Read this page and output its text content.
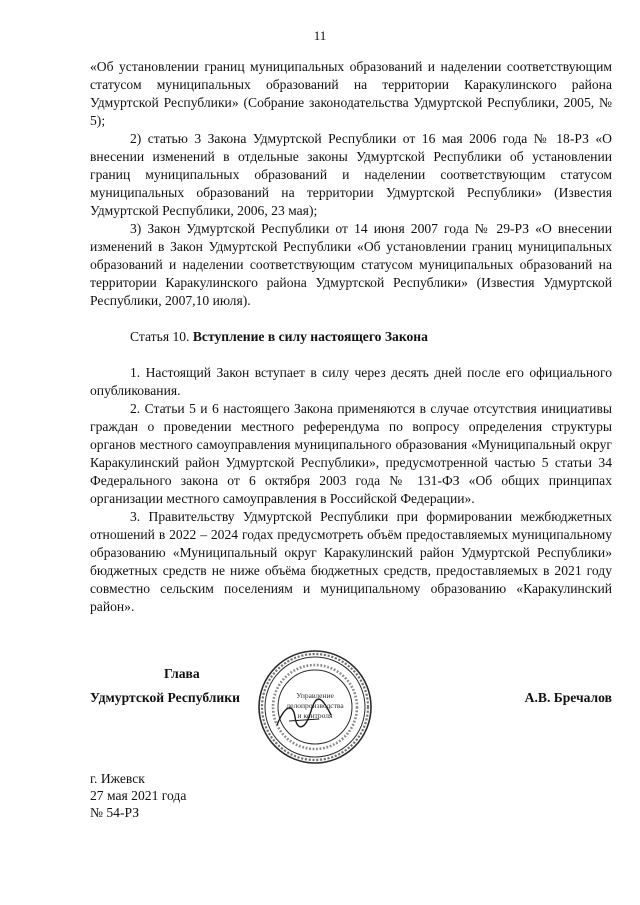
11

«Об установлении границ муниципальных образований и наделении соответствующим статусом муниципальных образований на территории Каракулинского района Удмуртской Республики» (Собрание законодательства Удмуртской Республики, 2005, № 5);

2) статью 3 Закона Удмуртской Республики от 16 мая 2006 года № 18-РЗ «О внесении изменений в отдельные законы Удмуртской Республики об установлении границ муниципальных образований и наделении соответствующим статусом муниципальных образований на территории Удмуртской Республики» (Известия Удмуртской Республики, 2006, 23 мая);

3) Закон Удмуртской Республики от 14 июня 2007 года № 29-РЗ «О внесении изменений в Закон Удмуртской Республики «Об установлении границ муниципальных образований и наделении соответствующим статусом муниципальных образований на территории Каракулинского района Удмуртской Республики» (Известия Удмуртской Республики, 2007,10 июля).

Статья 10. Вступление в силу настоящего Закона

1. Настоящий Закон вступает в силу через десять дней после его официального опубликования.

2. Статьи 5 и 6 настоящего Закона применяются в случае отсутствия инициативы граждан о проведении местного референдума по вопросу определения структуры органов местного самоуправления муниципального образования «Муниципальный округ Каракулинский район Удмуртской Республики», предусмотренной частью 5 статьи 34 Федерального закона от 6 октября 2003 года № 131-ФЗ «Об общих принципах организации местного самоуправления в Российской Федерации».

3. Правительству Удмуртской Республики при формировании межбюджетных отношений в 2022 – 2024 годах предусмотреть объём предоставляемых муниципальному образованию «Муниципальный округ Каракулинский район Удмуртской Республики» бюджетных средств не ниже объёма бюджетных средств, предоставляемых в 2021 году совместно сельским поселениям и муниципальному образованию «Каракулинский район».

Управление
делопроизводства
и контроля
Глава
Удмуртской Республики	А.В. Бречалов
г. Ижевск
27 мая 2021 года
№ 54-РЗ
